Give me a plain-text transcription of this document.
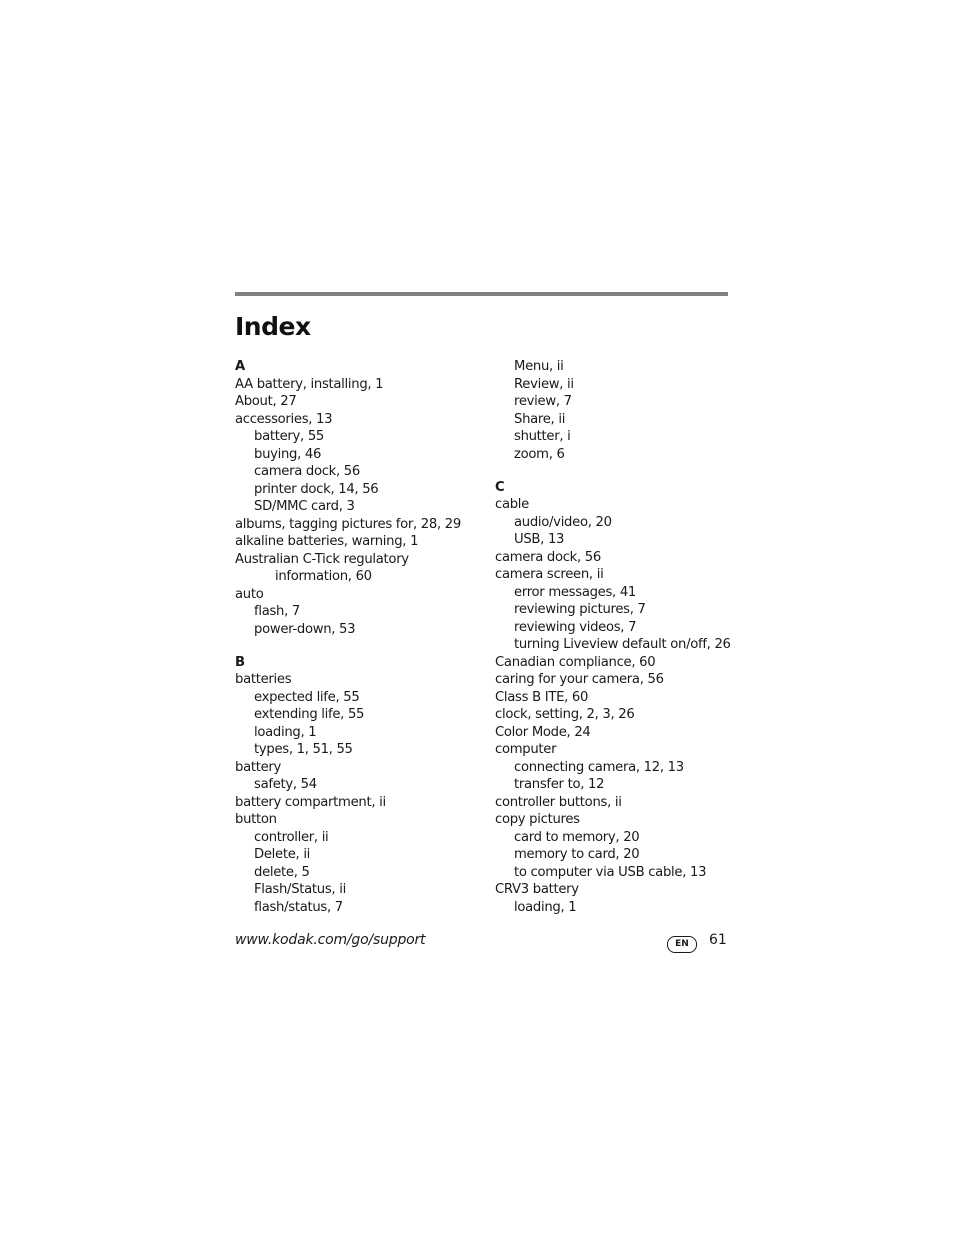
Index
A
AA battery, installing, 1
About, 27
accessories, 13
battery, 55
buying, 46
camera dock, 56
printer dock, 14, 56
SD/MMC card, 3
albums, tagging pictures for, 28, 29
alkaline batteries, warning, 1
Australian C-Tick regulatory
information, 60
auto
flash, 7
power-down, 53
B
batteries
expected life, 55
extending life, 55
loading, 1
types, 1, 51, 55
battery
safety, 54
battery compartment, ii
button
controller, ii
Delete, ii
delete, 5
Flash/Status, ii
flash/status, 7
Menu, ii
Review, ii
review, 7
Share, ii
shutter, i
zoom, 6
C
cable
audio/video, 20
USB, 13
camera dock, 56
camera screen, ii
error messages, 41
reviewing pictures, 7
reviewing videos, 7
turning Liveview default on/off, 26
Canadian compliance, 60
caring for your camera, 56
Class B ITE, 60
clock, setting, 2, 3, 26
Color Mode, 24
computer
connecting camera, 12, 13
transfer to, 12
controller buttons, ii
copy pictures
card to memory, 20
memory to card, 20
to computer via USB cable, 13
CRV3 battery
loading, 1
www.kodak.com/go/support	EN	61
